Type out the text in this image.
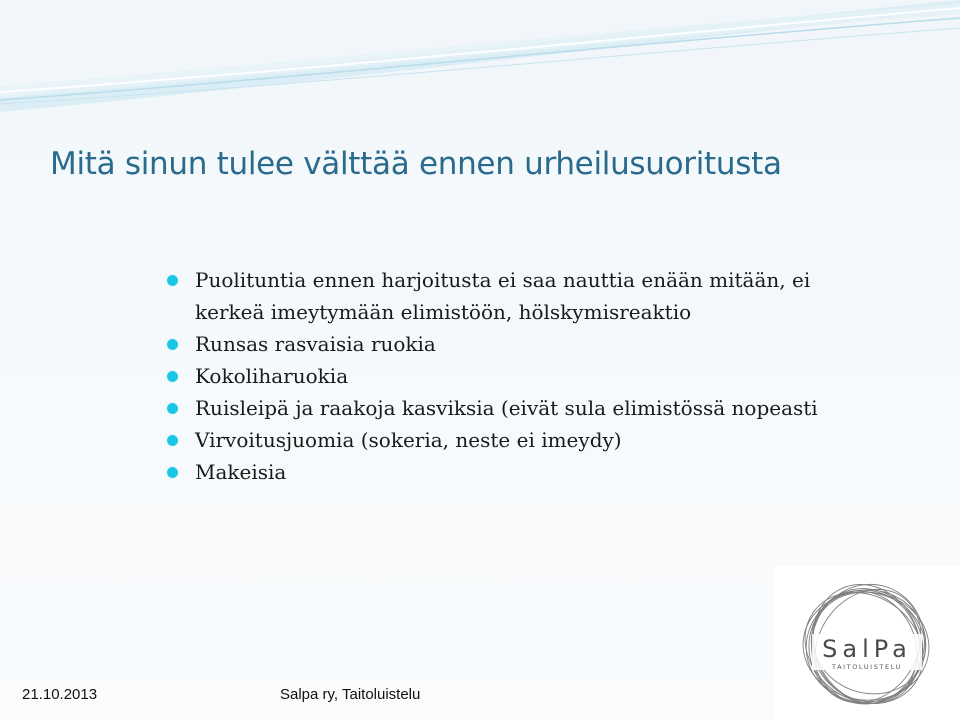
Mitä sinun tulee välttää ennen urheilusuoritusta
Puolituntia ennen harjoitusta ei saa nauttia enään mitään, ei
kerkeä imeytymään elimistöön, hölskymisreaktio
Runsas rasvaisia ruokia
Kokoliharuokia
Ruisleipä ja raakoja kasviksia (eivät sula elimistössä nopeasti
Virvoitusjuomia (sokeria, neste ei imeydy)
Makeisia
SalPa
TAITOLUISTELU
21.10.2013	Salpa ry, Taitoluistelu
